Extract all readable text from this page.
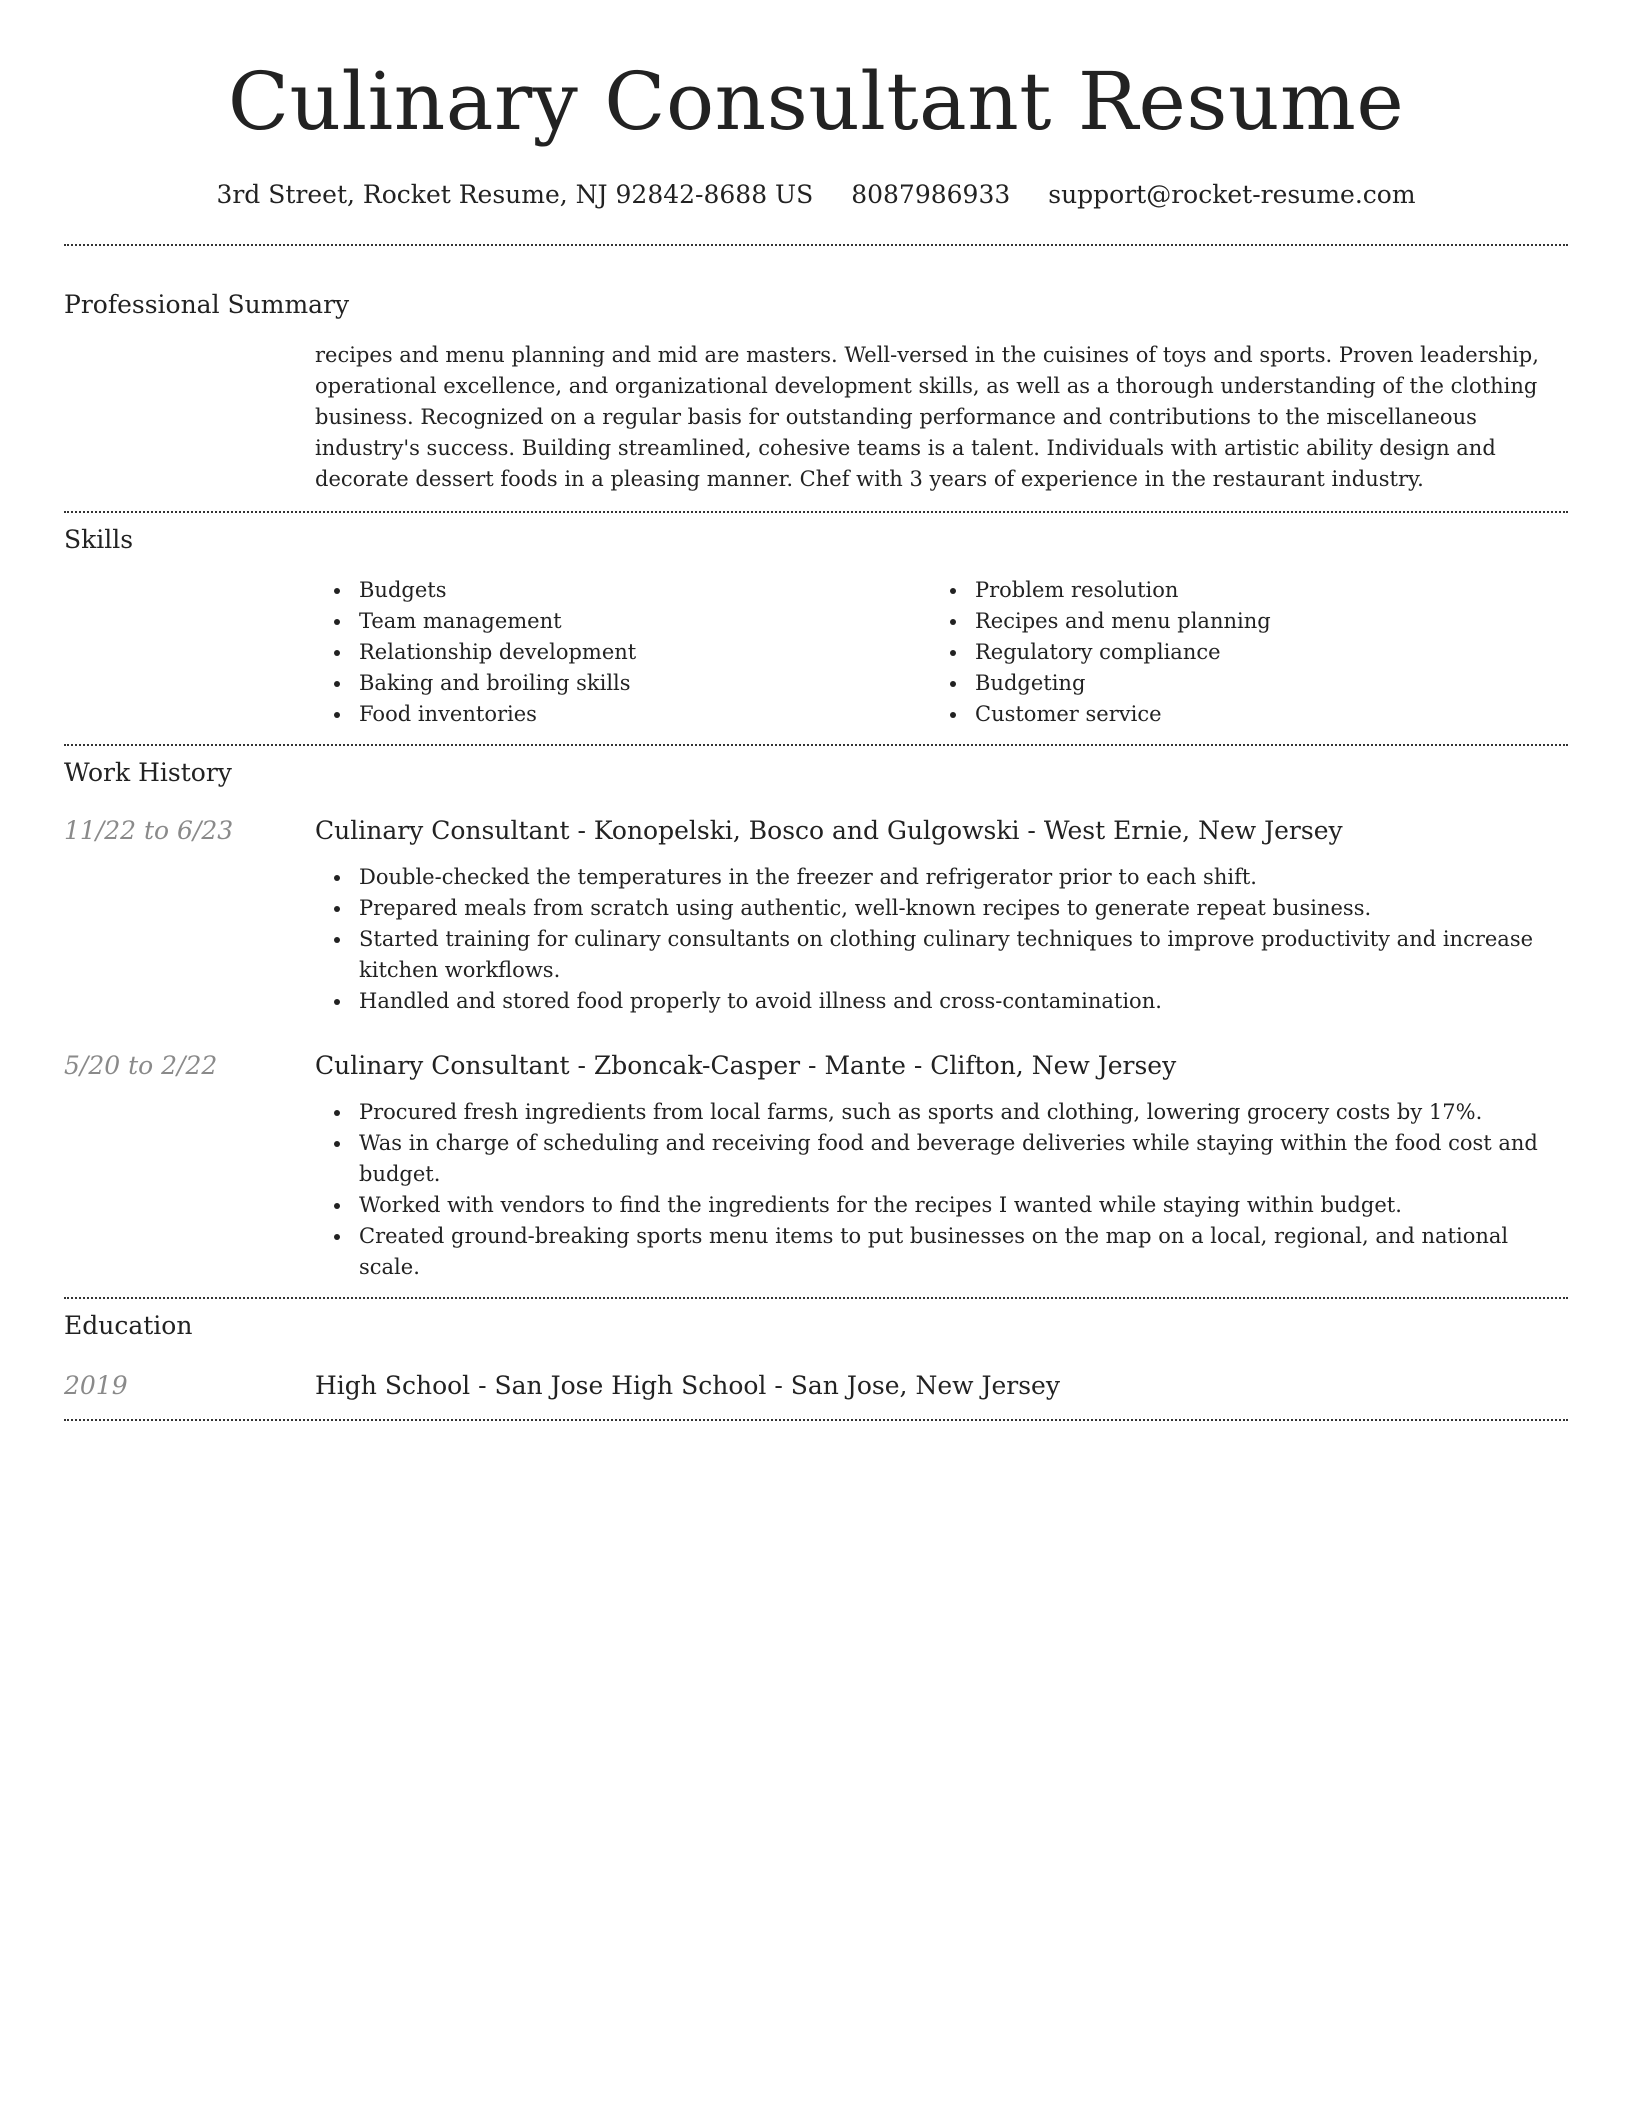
Culinary Consultant Resume
3rd Street, Rocket Resume, NJ 92842-8688 US 8087986933 support@rocket-resume.com
Professional Summary

recipes and menu planning and mid are masters. Well-versed in the cuisines of toys and sports. Proven leadership, operational excellence, and organizational development skills, as well as a thorough understanding of the clothing business. Recognized on a regular basis for outstanding performance and contributions to the miscellaneous industry's success. Building streamlined, cohesive teams is a talent. Individuals with artistic ability design and decorate dessert foods in a pleasing manner. Chef with 3 years of experience in the restaurant industry.

Skills
Budgets
Team management
Relationship development
Baking and broiling skills
Food inventories
Problem resolution
Recipes and menu planning
Regulatory compliance
Budgeting
Customer service
Work History
11/22 to 6/23	Culinary Consultant - Konopelski, Bosco and Gulgowski - West Ernie, New Jersey
Double-checked the temperatures in the freezer and refrigerator prior to each shift.
Prepared meals from scratch using authentic, well-known recipes to generate repeat business.
Started training for culinary consultants on clothing culinary techniques to improve productivity and increase kitchen workflows.
Handled and stored food properly to avoid illness and cross-contamination.
5/20 to 2/22	Culinary Consultant - Zboncak-Casper - Mante - Clifton, New Jersey
Procured fresh ingredients from local farms, such as sports and clothing, lowering grocery costs by 17%.
Was in charge of scheduling and receiving food and beverage deliveries while staying within the food cost and budget.
Worked with vendors to find the ingredients for the recipes I wanted while staying within budget.
Created ground-breaking sports menu items to put businesses on the map on a local, regional, and national scale.
Education
2019	High School - San Jose High School - San Jose, New Jersey
